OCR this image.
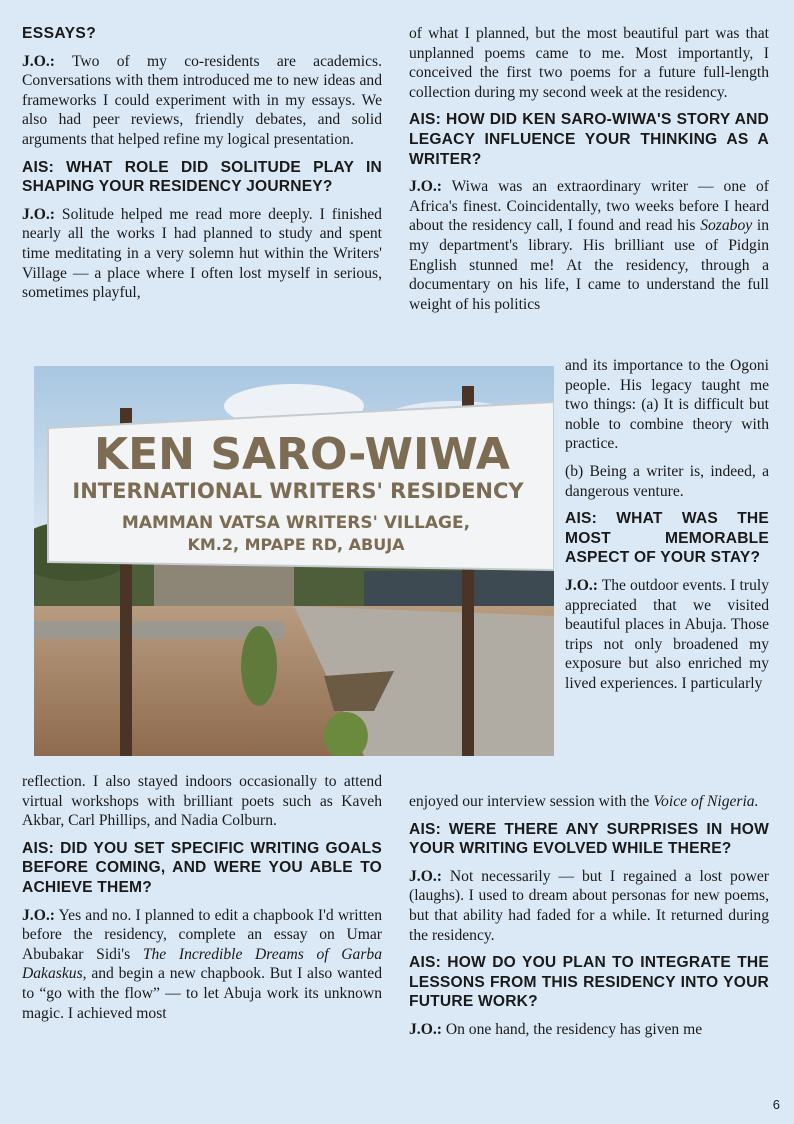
ESSAYS?

J.O.: Two of my co-residents are academics. Conversations with them introduced me to new ideas and frameworks I could experiment with in my essays. We also had peer reviews, friendly debates, and solid arguments that helped refine my logical presentation.

AIS: WHAT ROLE DID SOLITUDE PLAY IN SHAPING YOUR RESIDENCY JOURNEY?

J.O.: Solitude helped me read more deeply. I finished nearly all the works I had planned to study and spent time meditating in a very solemn hut within the Writers' Village — a place where I often lost myself in serious, sometimes playful,

KEN SARO-WIWA
INTERNATIONAL WRITERS' RESIDENCY
MAMMAN VATSA WRITERS' VILLAGE,
KM.2, MPAPE RD, ABUJA

reflection. I also stayed indoors occasionally to attend virtual workshops with brilliant poets such as Kaveh Akbar, Carl Phillips, and Nadia Colburn.

AIS: DID YOU SET SPECIFIC WRITING GOALS BEFORE COMING, AND WERE YOU ABLE TO ACHIEVE THEM?

J.O.: Yes and no. I planned to edit a chapbook I'd written before the residency, complete an essay on Umar Abubakar Sidi's The Incredible Dreams of Garba Dakaskus, and begin a new chapbook. But I also wanted to “go with the flow” — to let Abuja work its unknown magic. I achieved most

of what I planned, but the most beautiful part was that unplanned poems came to me. Most importantly, I conceived the first two poems for a future full-length collection during my second week at the residency.

AIS: HOW DID KEN SARO-WIWA'S STORY AND LEGACY INFLUENCE YOUR THINKING AS A WRITER?

J.O.: Wiwa was an extraordinary writer — one of Africa's finest. Coincidentally, two weeks before I heard about the residency call, I found and read his Sozaboy in my department's library. His brilliant use of Pidgin English stunned me! At the residency, through a documentary on his life, I came to understand the full weight of his politics

and its importance to the Ogoni people. His legacy taught me two things: (a) It is difficult but noble to combine theory with practice.

(b) Being a writer is, indeed, a dangerous venture.

AIS: WHAT WAS THE MOST MEMORABLE ASPECT OF YOUR STAY?

J.O.: The outdoor events. I truly appreciated that we visited beautiful places in Abuja. Those trips not only broadened my exposure but also enriched my lived experiences. I particularly

enjoyed our interview session with the Voice of Nigeria.

AIS: WERE THERE ANY SURPRISES IN HOW YOUR WRITING EVOLVED WHILE THERE?

J.O.: Not necessarily — but I regained a lost power (laughs). I used to dream about personas for new poems, but that ability had faded for a while. It returned during the residency.

AIS: HOW DO YOU PLAN TO INTEGRATE THE LESSONS FROM THIS RESIDENCY INTO YOUR FUTURE WORK?

J.O.: On one hand, the residency has given me

6
